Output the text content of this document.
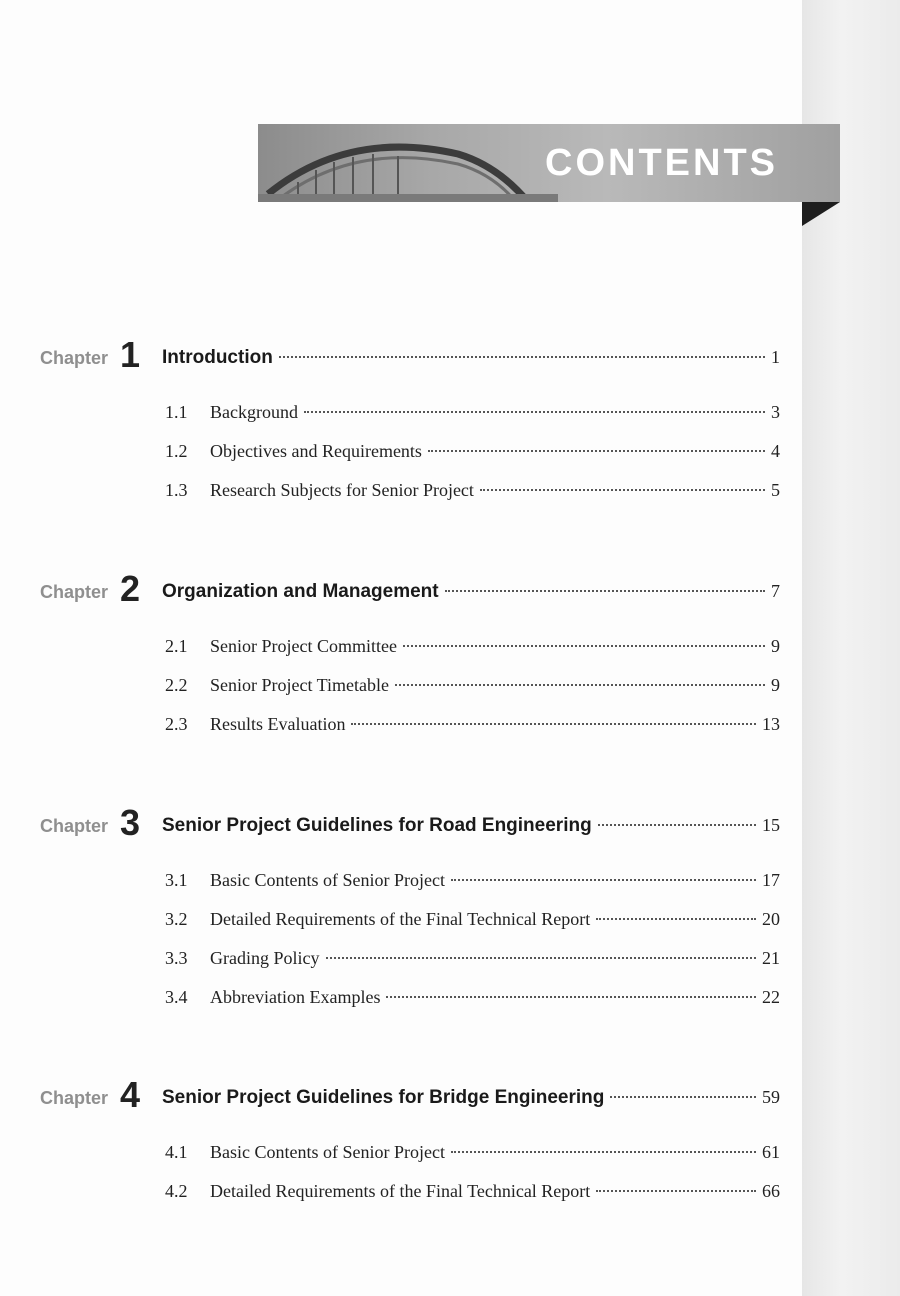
CONTENTS
Chapter 1 Introduction	1
1.1	Background	3
1.2	Objectives and Requirements	4
1.3	Research Subjects for Senior Project	5
Chapter 2 Organization and Management	7
2.1	Senior Project Committee	9
2.2	Senior Project Timetable	9
2.3	Results Evaluation	13
Chapter 3 Senior Project Guidelines for Road Engineering	15
3.1	Basic Contents of Senior Project	17
3.2	Detailed Requirements of the Final Technical Report	20
3.3	Grading Policy	21
3.4	Abbreviation Examples	22
Chapter 4 Senior Project Guidelines for Bridge Engineering	59
4.1	Basic Contents of Senior Project	61
4.2	Detailed Requirements of the Final Technical Report	66
